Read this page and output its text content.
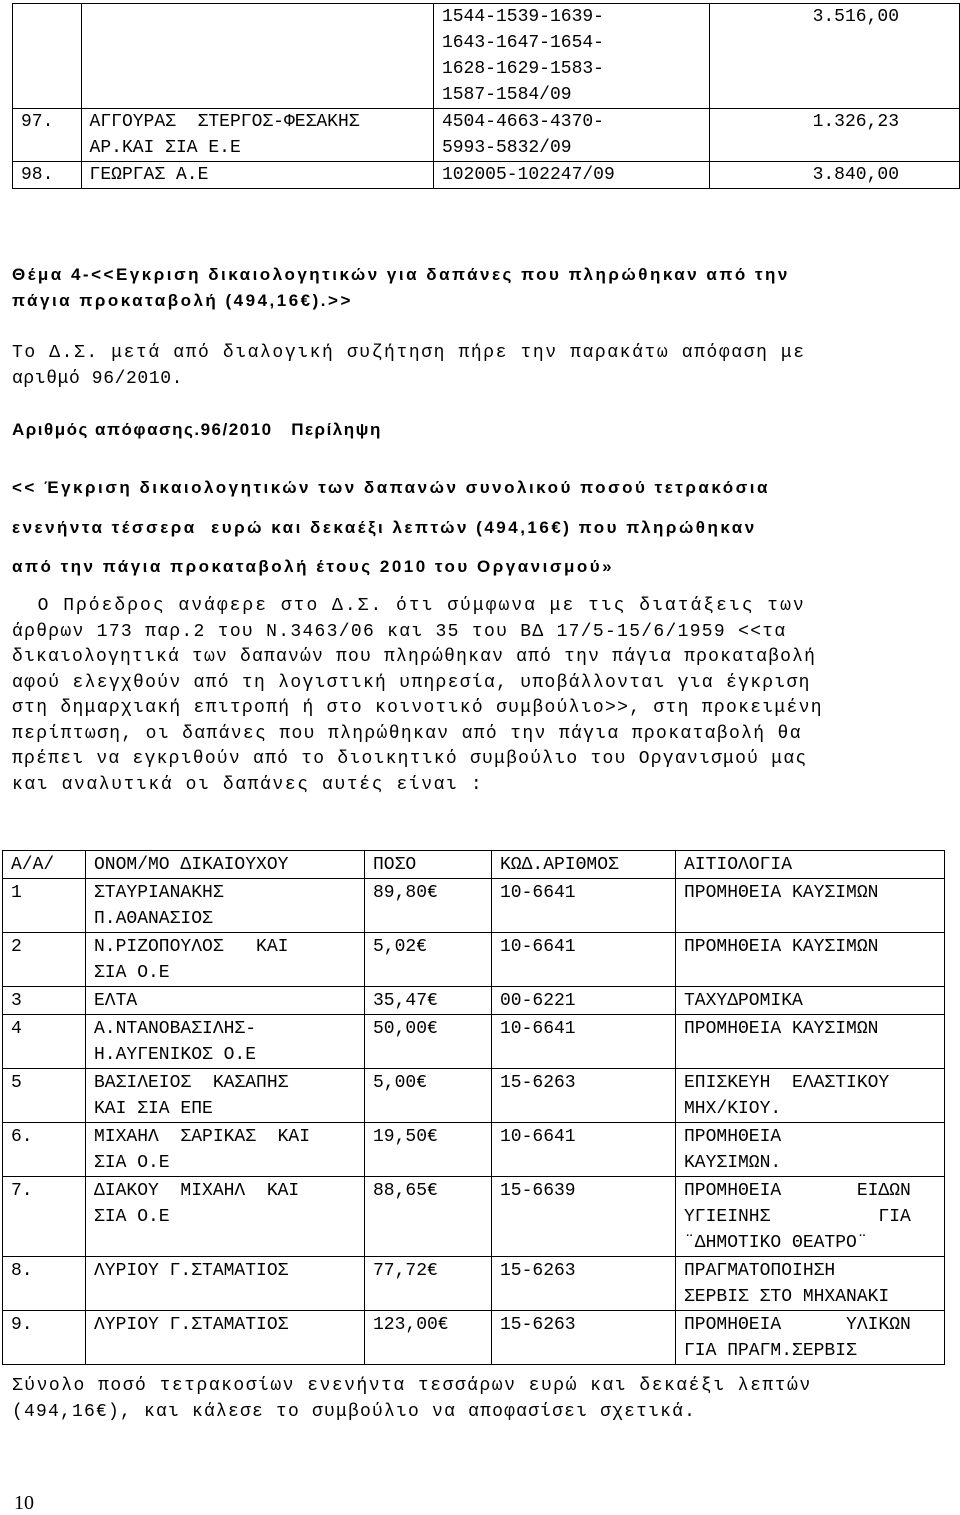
		1544-1539-1639-
1643-1647-1654-
1628-1629-1583-
1587-1584/09	3.516,00
97.	ΑΓΓΟΥΡΑΣ  ΣΤΕΡΓΟΣ-ΦΕΣΑΚΗΣ
ΑΡ.ΚΑΙ ΣΙΑ Ε.Ε	4504-4663-4370-
5993-5832/09	1.326,23
98.	ΓΕΩΡΓΑΣ Α.Ε	102005-102247/09	3.840,00
Θέμα 4-<<Εγκριση δικαιολογητικών για δαπάνες που πληρώθηκαν από την
πάγια προκαταβολή (494,16€).>>
Το Δ.Σ. μετά από διαλογική συζήτηση πήρε την παρακάτω απόφαση με
αριθμό 96/2010.
Αριθμός απόφασης.96/2010   Περίληψη
<< Έγκριση δικαιολογητικών των δαπανών συνολικού ποσού τετρακόσια
ενενήντα τέσσερα  ευρώ και δεκαέξι λεπτών (494,16€) που πληρώθηκαν
από την πάγια προκαταβολή έτους 2010 του Οργανισμού»
Ο Πρόεδρος ανάφερε στο Δ.Σ. ότι σύμφωνα με τις διατάξεις των
άρθρων 173 παρ.2 του Ν.3463/06 και 35 του ΒΔ 17/5-15/6/1959 <<τα
δικαιολογητικά των δαπανών που πληρώθηκαν από την πάγια προκαταβολή
αφού ελεγχθούν από τη λογιστική υπηρεσία, υποβάλλονται για έγκριση
στη δημαρχιακή επιτροπή ή στο κοινοτικό συμβούλιο>>, στη προκειμένη
περίπτωση, οι δαπάνες που πληρώθηκαν από την πάγια προκαταβολή θα
πρέπει να εγκριθούν από το διοικητικό συμβούλιο του Οργανισμού μας
και αναλυτικά οι δαπάνες αυτές είναι :
Α/Α/	ΟΝΟΜ/ΜΟ ΔΙΚΑΙΟΥΧΟΥ	ΠΟΣΟ	ΚΩΔ.ΑΡΙΘΜΟΣ	ΑΙΤΙΟΛΟΓΙΑ
1	ΣΤΑΥΡΙΑΝΑΚΗΣ
Π.ΑΘΑΝΑΣΙΟΣ	89,80€	10-6641	ΠΡΟΜΗΘΕΙΑ ΚΑΥΣΙΜΩΝ
2	Ν.ΡΙΖΟΠΟΥΛΟΣ   ΚΑΙ
ΣΙΑ Ο.Ε	5,02€	10-6641	ΠΡΟΜΗΘΕΙΑ ΚΑΥΣΙΜΩΝ
3	ΕΛΤΑ	35,47€	00-6221	ΤΑΧΥΔΡΟΜΙΚΑ
4	Α.ΝΤΑΝΟΒΑΣΙΛΗΣ-
Η.ΑΥΓΕΝΙΚΟΣ Ο.Ε	50,00€	10-6641	ΠΡΟΜΗΘΕΙΑ ΚΑΥΣΙΜΩΝ
5	ΒΑΣΙΛΕΙΟΣ  ΚΑΣΑΠΗΣ
ΚΑΙ ΣΙΑ ΕΠΕ	5,00€	15-6263	ΕΠΙΣΚΕΥΗ  ΕΛΑΣΤΙΚΟΥ
ΜΗΧ/ΚΙΟΥ.
6.	ΜΙΧΑΗΛ  ΣΑΡΙΚΑΣ  ΚΑΙ
ΣΙΑ Ο.Ε	19,50€	10-6641	ΠΡΟΜΗΘΕΙΑ
ΚΑΥΣΙΜΩΝ.
7.	ΔΙΑΚΟΥ  ΜΙΧΑΗΛ  ΚΑΙ
ΣΙΑ Ο.Ε	88,65€	15-6639	ΠΡΟΜΗΘΕΙΑ       ΕΙΔΩΝ
ΥΓΙΕΙΝΗΣ          ΓΙΑ
¨ΔΗΜΟΤΙΚΟ ΘΕΑΤΡΟ¨
8.	ΛΥΡΙΟΥ Γ.ΣΤΑΜΑΤΙΟΣ	77,72€	15-6263	ΠΡΑΓΜΑΤΟΠΟΙΗΣΗ
ΣΕΡΒΙΣ ΣΤΟ ΜΗΧΑΝΑΚΙ
9.	ΛΥΡΙΟΥ Γ.ΣΤΑΜΑΤΙΟΣ	123,00€	15-6263	ΠΡΟΜΗΘΕΙΑ      ΥΛΙΚΩΝ
ΓΙΑ ΠΡΑΓΜ.ΣΕΡΒΙΣ
Σύνολο ποσό τετρακοσίων ενενήντα τεσσάρων ευρώ και δεκαέξι λεπτών
(494,16€), και κάλεσε το συμβούλιο να αποφασίσει σχετικά.
10
